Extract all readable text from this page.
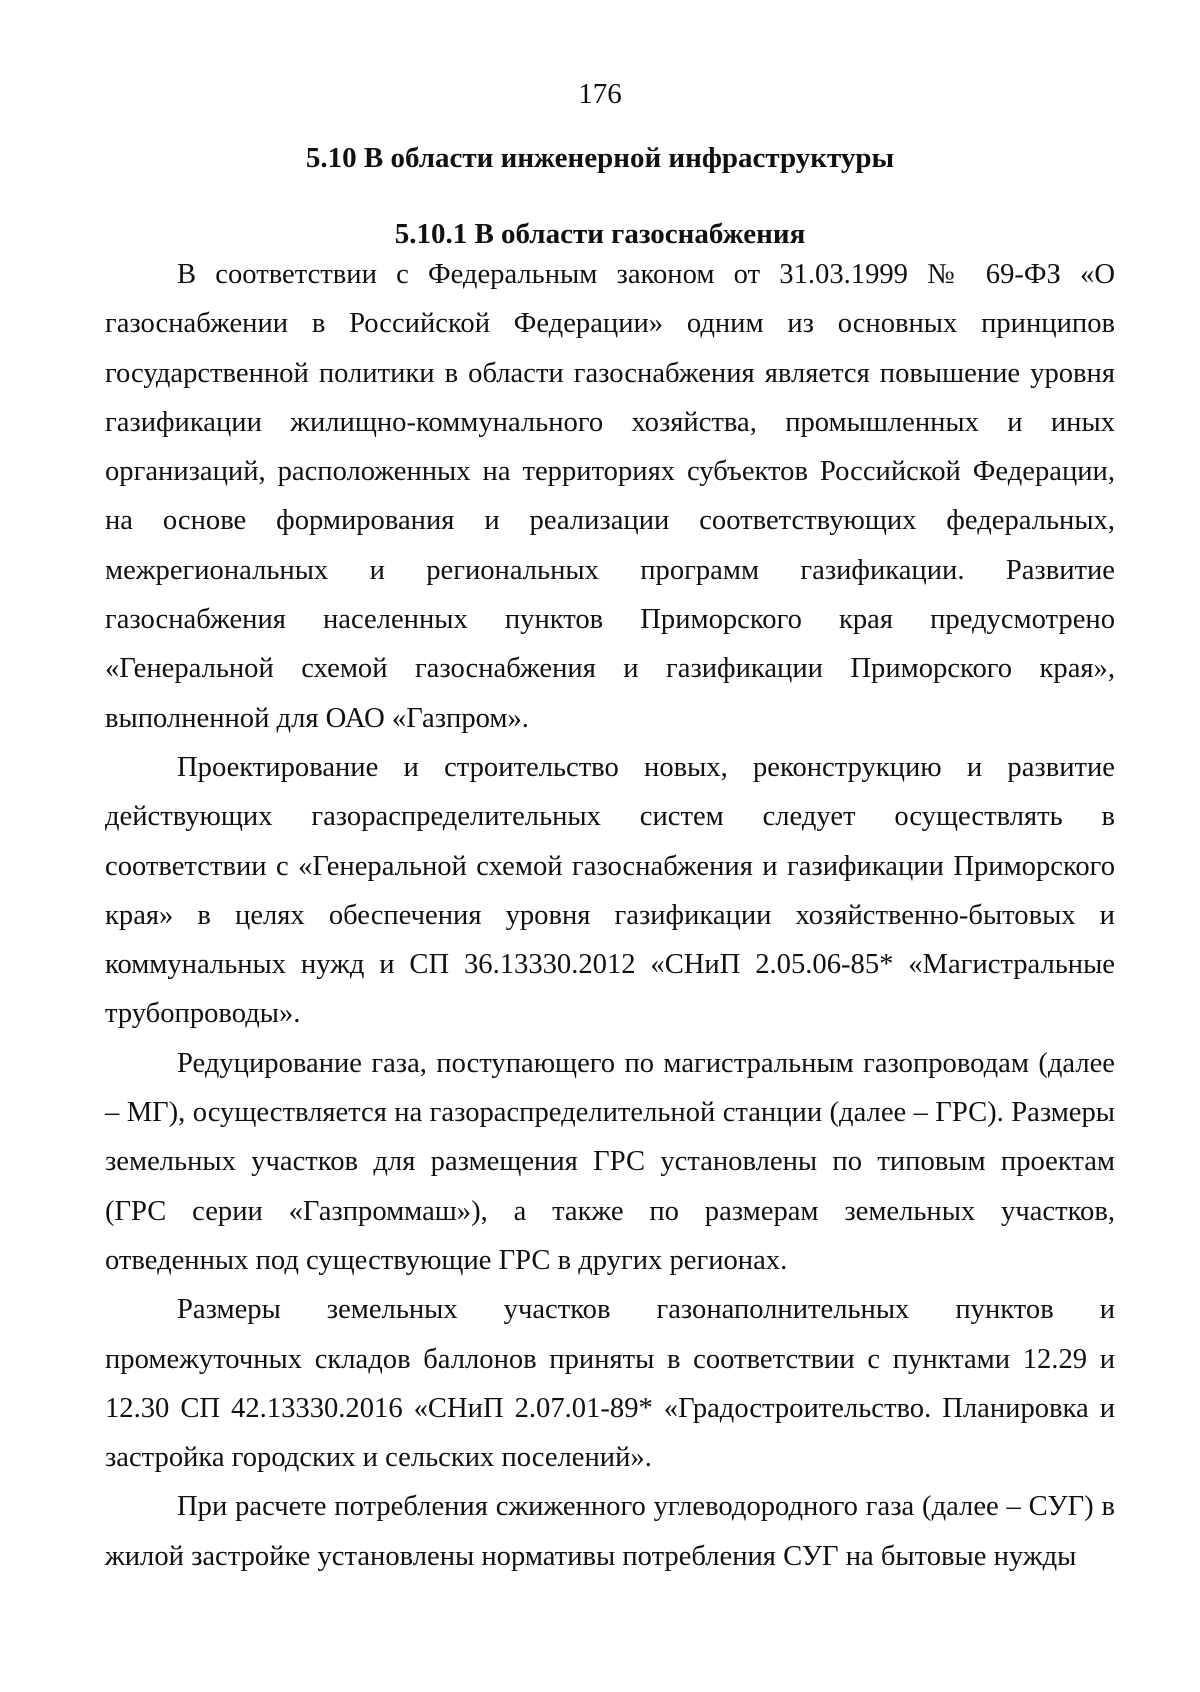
176
5.10 В области инженерной инфраструктуры
5.10.1 В области газоснабжения

В соответствии с Федеральным законом от 31.03.1999 № 69-ФЗ «О газоснабжении в Российской Федерации» одним из основных принципов государственной политики в области газоснабжения является повышение уровня газификации жилищно-коммунального хозяйства, промышленных и иных организаций, расположенных на территориях субъектов Российской Федерации, на основе формирования и реализации соответствующих федеральных, межрегиональных и региональных программ газификации. Развитие газоснабжения населенных пунктов Приморского края предусмотрено «Генеральной схемой газоснабжения и газификации Приморского края», выполненной для ОАО «Газпром».

Проектирование и строительство новых, реконструкцию и развитие действующих газораспределительных систем следует осуществлять в соответствии с «Генеральной схемой газоснабжения и газификации Приморского края» в целях обеспечения уровня газификации хозяйственно-бытовых и коммунальных нужд и СП 36.13330.2012 «СНиП 2.05.06-85* «Магистральные трубопроводы».

Редуцирование газа, поступающего по магистральным газопроводам (далее – МГ), осуществляется на газораспределительной станции (далее – ГРС). Размеры земельных участков для размещения ГРС установлены по типовым проектам (ГРС серии «Газпроммаш»), а также по размерам земельных участков, отведенных под существующие ГРС в других регионах.

Размеры земельных участков газонаполнительных пунктов и промежуточных складов баллонов приняты в соответствии с пунктами 12.29 и 12.30 СП 42.13330.2016 «СНиП 2.07.01-89* «Градостроительство. Планировка и застройка городских и сельских поселений».

При расчете потребления сжиженного углеводородного газа (далее – СУГ) в жилой застройке установлены нормативы потребления СУГ на бытовые нужды
